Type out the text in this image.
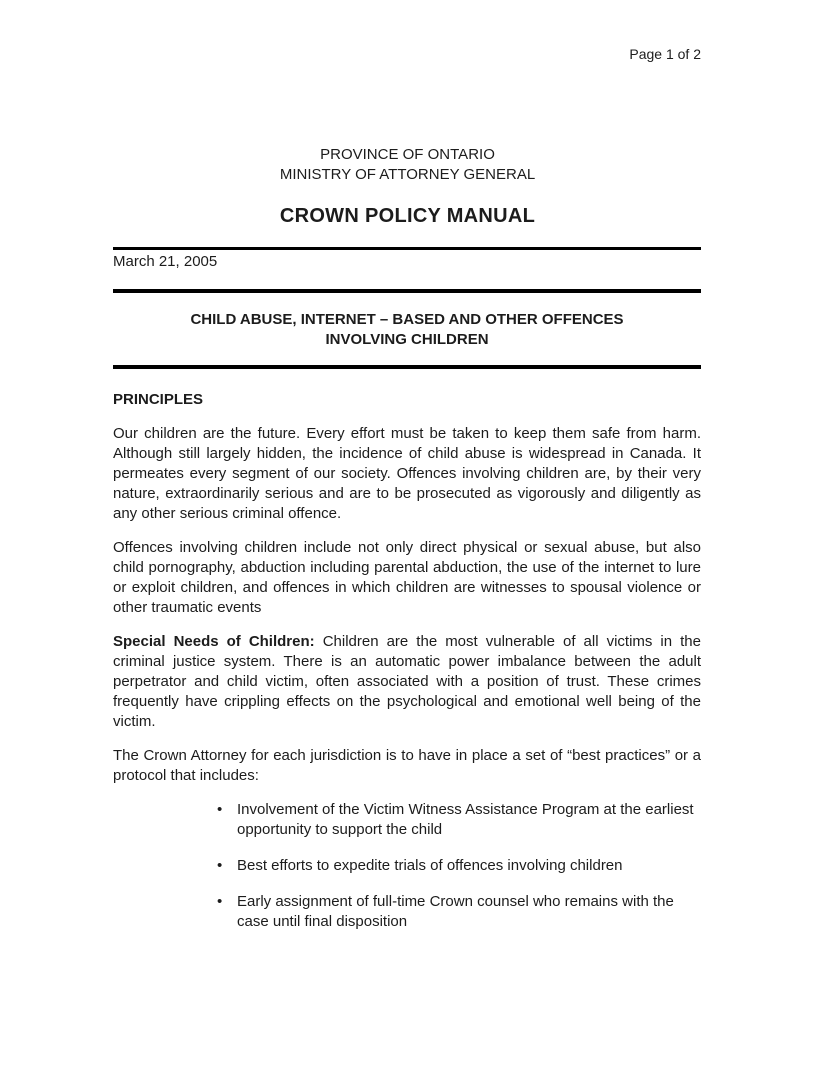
Page 1 of 2
PROVINCE OF ONTARIO
MINISTRY OF ATTORNEY GENERAL
CROWN POLICY MANUAL
March 21, 2005
CHILD ABUSE, INTERNET – BASED AND OTHER OFFENCES
INVOLVING CHILDREN
PRINCIPLES

Our children are the future. Every effort must be taken to keep them safe from harm. Although still largely hidden, the incidence of child abuse is widespread in Canada. It permeates every segment of our society. Offences involving children are, by their very nature, extraordinarily serious and are to be prosecuted as vigorously and diligently as any other serious criminal offence.

Offences involving children include not only direct physical or sexual abuse, but also child pornography, abduction including parental abduction, the use of the internet to lure or exploit children, and offences in which children are witnesses to spousal violence or other traumatic events

Special Needs of Children: Children are the most vulnerable of all victims in the criminal justice system. There is an automatic power imbalance between the adult perpetrator and child victim, often associated with a position of trust. These crimes frequently have crippling effects on the psychological and emotional well being of the victim.

The Crown Attorney for each jurisdiction is to have in place a set of “best practices” or a protocol that includes:

• Involvement of the Victim Witness Assistance Program at the earliest opportunity to support the child
• Best efforts to expedite trials of offences involving children
• Early assignment of full-time Crown counsel who remains with the case until final disposition
